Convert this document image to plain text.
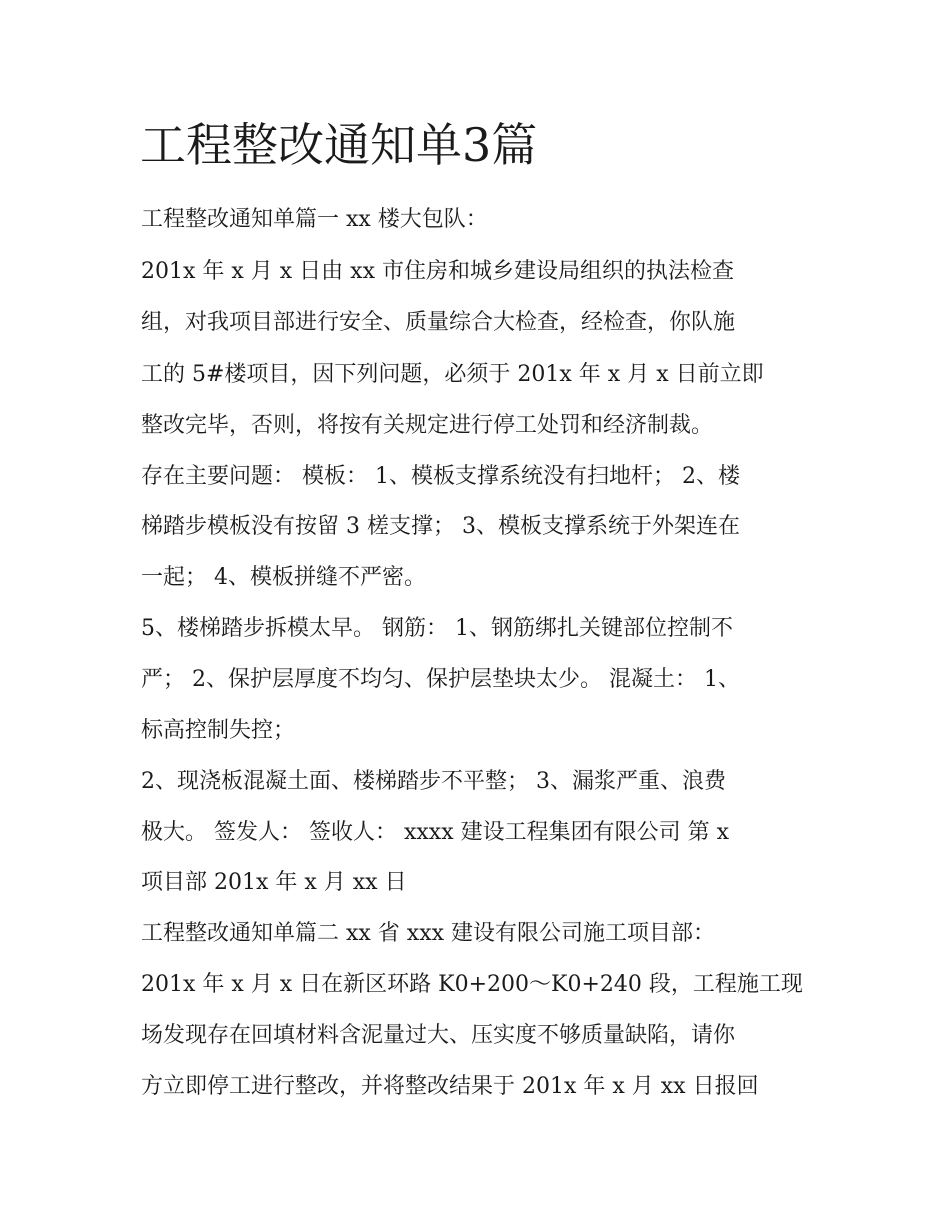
工程整改通知单3篇

工程整改通知单篇一 xx 楼大包队：

201x 年 x 月 x 日由 xx 市住房和城乡建设局组织的执法检查

组，对我项目部进行安全、质量综合大检查，经检查，你队施

工的 5#楼项目，因下列问题，必须于 201x 年 x 月 x 日前立即

整改完毕，否则，将按有关规定进行停工处罚和经济制裁。

存在主要问题： 模板： 1、模板支撑系统没有扫地杆； 2、楼

梯踏步模板没有按留 3 槎支撑； 3、模板支撑系统于外架连在

一起； 4、模板拼缝不严密。

5、楼梯踏步拆模太早。 钢筋： 1、钢筋绑扎关键部位控制不

严； 2、保护层厚度不均匀、保护层垫块太少。 混凝土： 1、

标高控制失控；

2、现浇板混凝土面、楼梯踏步不平整； 3、漏浆严重、浪费

极大。 签发人： 签收人： xxxx 建设工程集团有限公司 第 x

项目部 201x 年 x 月 xx 日

工程整改通知单篇二 xx 省 xxx 建设有限公司施工项目部：

201x 年 x 月 x 日在新区环路 K0+200～K0+240 段，工程施工现

场发现存在回填材料含泥量过大、压实度不够质量缺陷，请你

方立即停工进行整改，并将整改结果于 201x 年 x 月 xx 日报回
